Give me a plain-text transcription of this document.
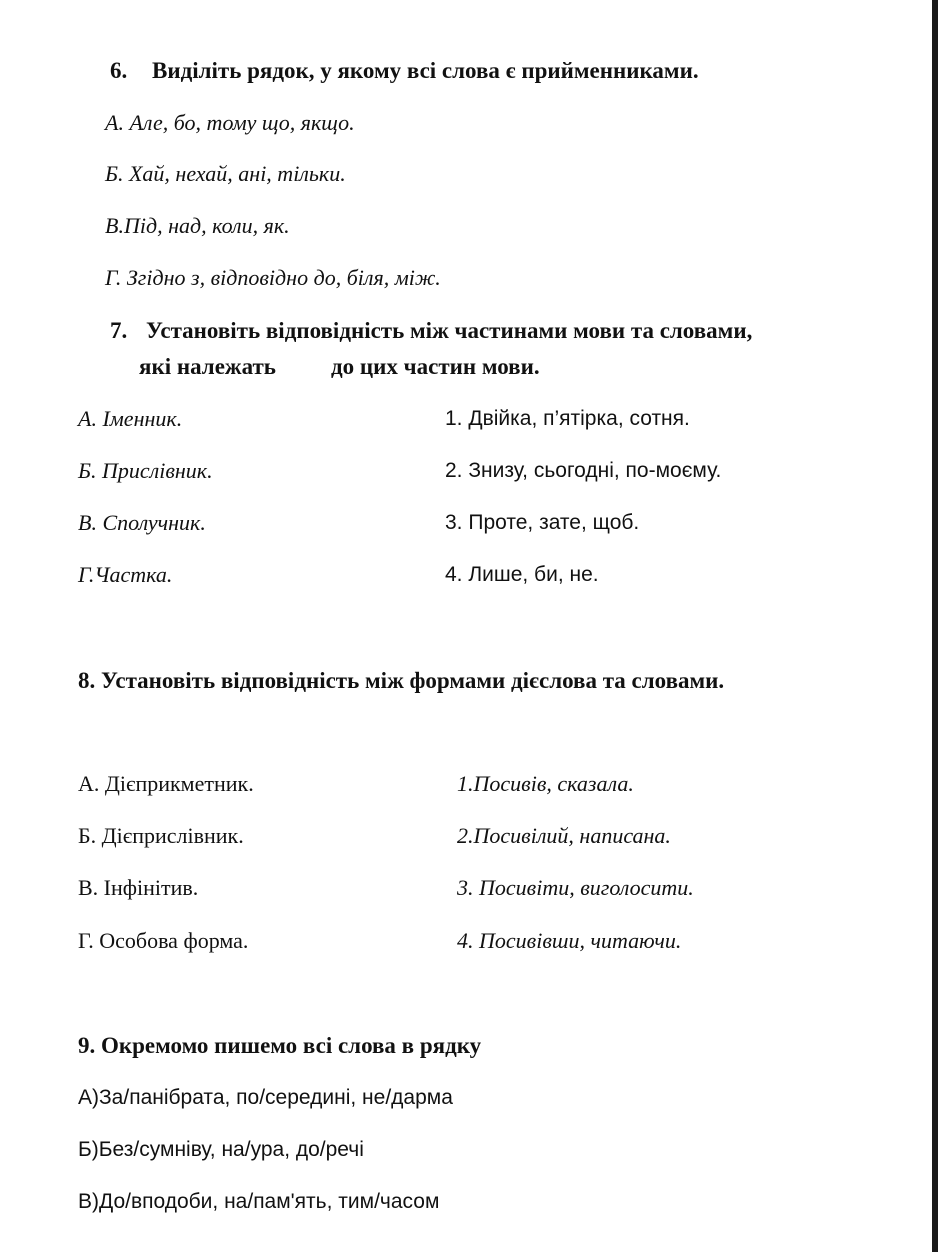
6. Виділіть рядок, у якому всі слова є прийменниками.
А. Але, бо, тому що, якщо.
Б. Хай, нехай, ані, тільки.
В.Під, над, коли, як.
Г. Згідно з, відповідно до, біля, між.
7. Установіть відповідність між частинами мови та словами,
які належать до цих частин мови.
А. Іменник.
Б. Прислівник.
В. Сполучник.
Г.Частка.
1. Двійка, п’ятірка, сотня.
2. Знизу, сьогодні, по-моєму.
3. Проте, зате, щоб.
4. Лише, би, не.
8. Установіть відповідність між формами дієслова та словами.
А. Дієприкметник.
Б. Дієприслівник.
В. Інфінітив.
Г. Особова форма.
1.Посивів, сказала.
2.Посивілий, написана.
3. Посивіти, виголосити.
4. Посивівши, читаючи.
9. Окремомо пишемо всі слова в рядку
А)За/панібрата, по/середині, не/дарма
Б)Без/сумніву, на/ура, до/речі
В)До/вподоби, на/пам'ять, тим/часом
